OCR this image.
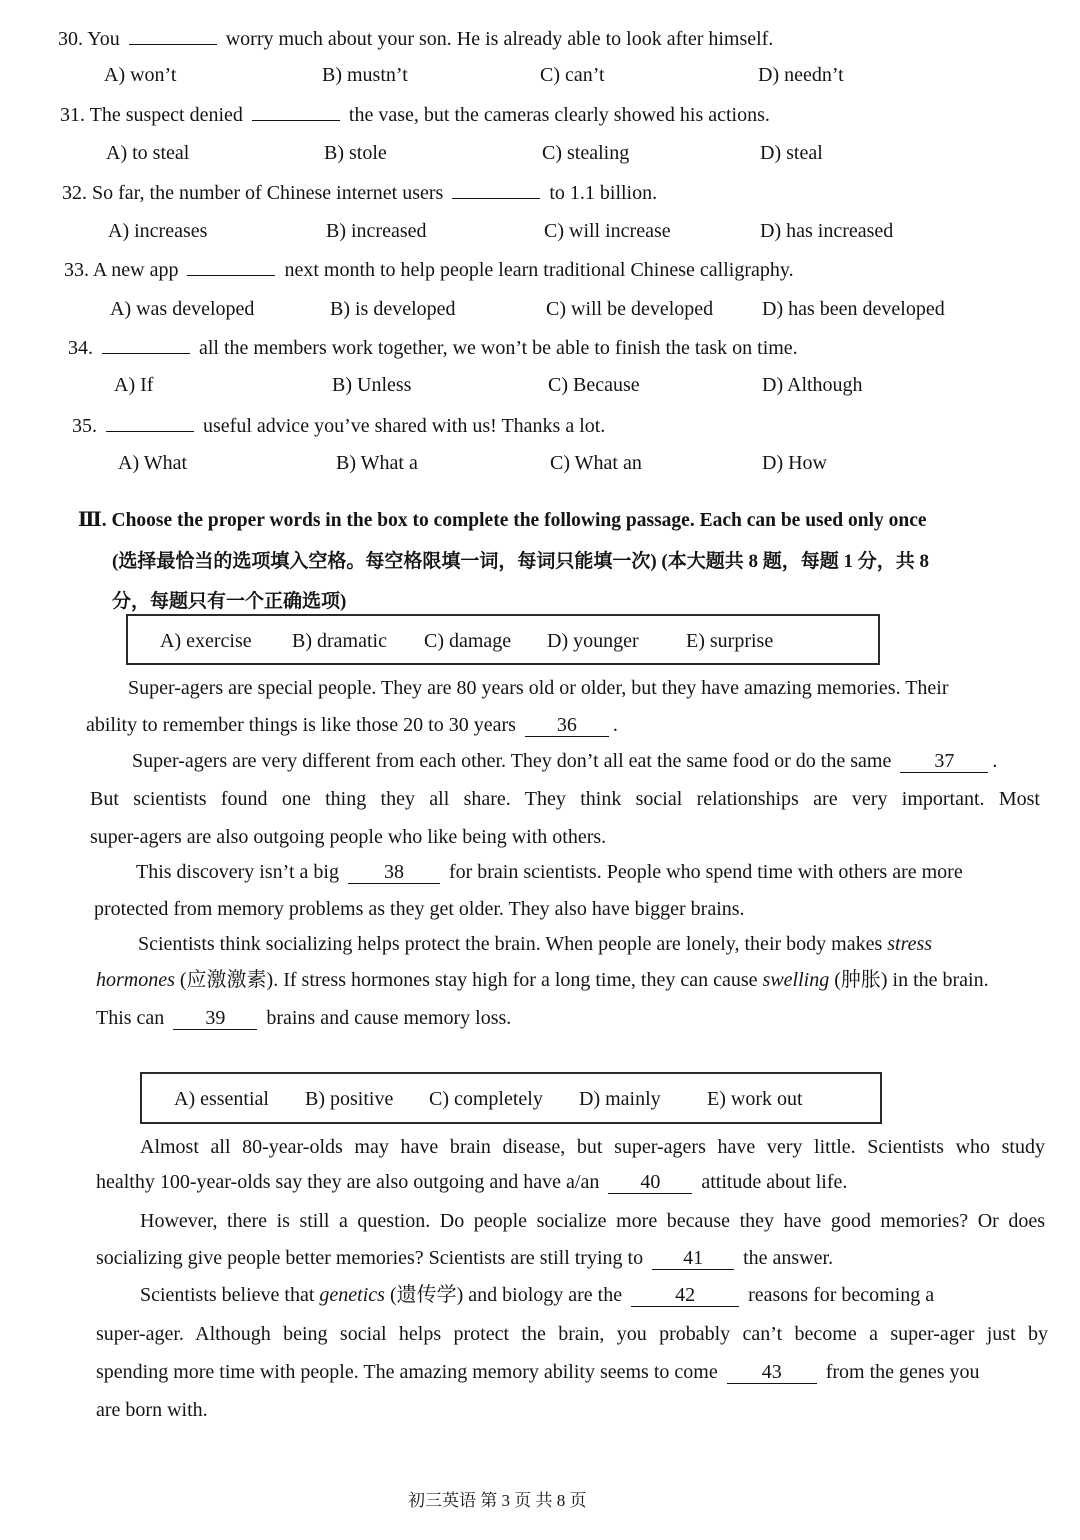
30. You	worry much about your son. He is already able to look after himself.
A) won’t	B) mustn’t	C) can’t	D) needn’t
31. The suspect denied	the vase, but the cameras clearly showed his actions.
A) to steal	B) stole	C) stealing	D) steal
32. So far, the number of Chinese internet users	to 1.1 billion.
A) increases	B) increased	C) will increase	D) has increased
33. A new app	next month to help people learn traditional Chinese calligraphy.
A) was developed	B) is developed	C) will be developed D) has been developed
34.	all the members work together, we won’t be able to finish the task on time.
A) If	B) Unless	C) Because	D) Although
35.	useful advice you’ve shared with us! Thanks a lot.
A) What	B) What a	C) What an	D) How
Ⅲ. Choose the proper words in the box to complete the following passage. Each can be used only once
(选择最恰当的选项填入空格。每空格限填一词，每词只能填一次) (本大题共 8 题，每题 1 分，共 8
分，每题只有一个正确选项)
A) exercise B) dramatic C) damage D) younger E) surprise
Super-agers are special people. They are 80 years old or older, but they have amazing memories. Their
ability to remember things is like those 20 to 30 years 36 .
Super-agers are very different from each other. They don’t all eat the same food or do the same 37 .
But scientists found one thing they all share. They think social relationships are very important. Most
super-agers are also outgoing people who like being with others.
This discovery isn’t a big 38 for brain scientists. People who spend time with others are more
protected from memory problems as they get older. They also have bigger brains.
Scientists think socializing helps protect the brain. When people are lonely, their body makes stress
hormones (应激激素). If stress hormones stay high for a long time, they can cause swelling (肿胀) in the brain.
This can 39 brains and cause memory loss.
A) essential B) positive C) completely D) mainly E) work out
Almost all 80-year-olds may have brain disease, but super-agers have very little. Scientists who study
healthy 100-year-olds say they are also outgoing and have a/an 40 attitude about life.
However, there is still a question. Do people socialize more because they have good memories? Or does
socializing give people better memories? Scientists are still trying to 41 the answer.
Scientists believe that genetics (遗传学) and biology are the	42	reasons for becoming a
super-ager. Although being social helps protect the brain, you probably can’t become a super-ager just by
spending more time with people. The amazing memory ability seems to come 43 from the genes you
are born with.
初三英语 第 3 页 共 8 页
